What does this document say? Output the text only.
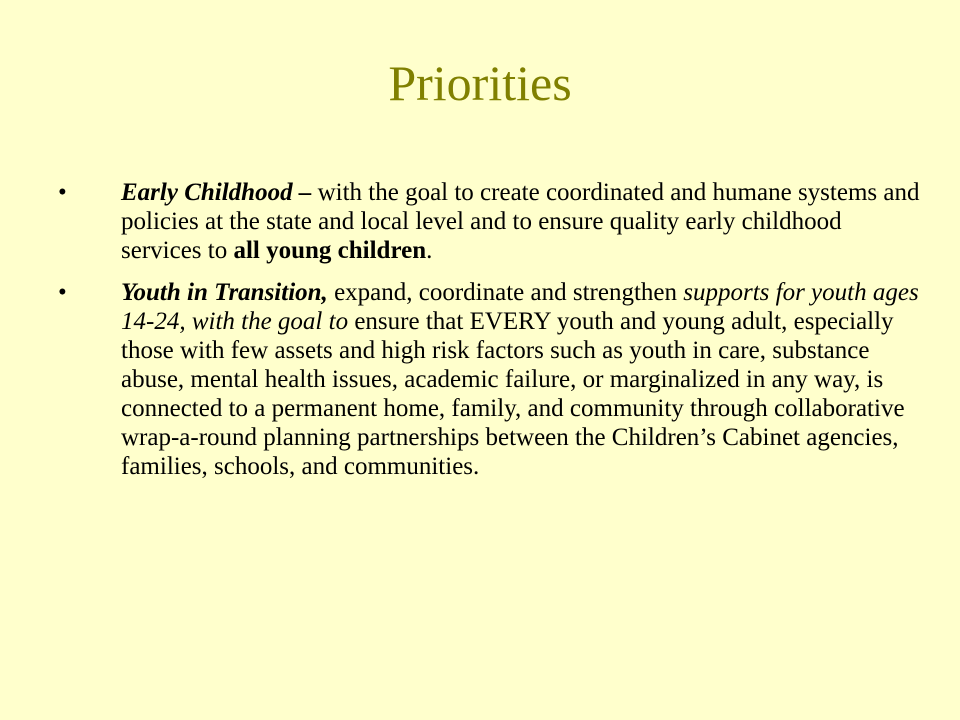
Priorities
•	Early Childhood – with the goal to create coordinated and humane systems and policies at the state and local level and to ensure quality early childhood services to all young children.
•	Youth in Transition, expand, coordinate and strengthen supports for youth ages 14-24, with the goal to ensure that EVERY youth and young adult, especially those with few assets and high risk factors such as youth in care, substance abuse, mental health issues, academic failure, or marginalized in any way, is connected to a permanent home, family, and community through collaborative wrap-a-round planning partnerships between the Children’s Cabinet agencies, families, schools, and communities.
